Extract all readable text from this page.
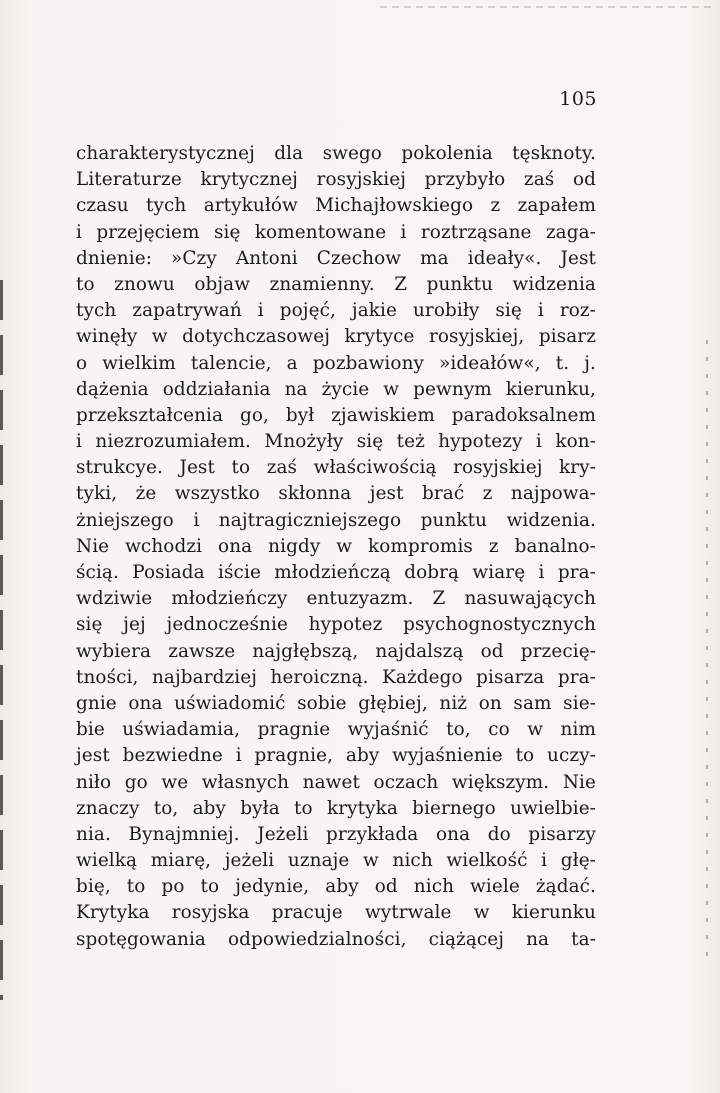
105
charakterystycznej dla swego pokolenia tęsknoty.
Literaturze krytycznej rosyjskiej przybyło zaś od
czasu tych artykułów Michajłowskiego z zapałem
i przejęciem się komentowane i roztrząsane zaga-
dnienie: »Czy Antoni Czechow ma ideały«. Jest
to znowu objaw znamienny. Z punktu widzenia
tych zapatrywań i pojęć, jakie urobiły się i roz-
winęły w dotychczasowej krytyce rosyjskiej, pisarz
o wielkim talencie, a pozbawiony »ideałów«, t. j.
dążenia oddziałania na życie w pewnym kierunku,
przekształcenia go, był zjawiskiem paradoksalnem
i niezrozumiałem. Mnożyły się też hypotezy i kon-
strukcye. Jest to zaś właściwością rosyjskiej kry-
tyki, że wszystko skłonna jest brać z najpowa-
żniejszego i najtragiczniejszego punktu widzenia.
Nie wchodzi ona nigdy w kompromis z banalno-
ścią. Posiada iście młodzieńczą dobrą wiarę i pra-
wdziwie młodzieńczy entuzyazm. Z nasuwających
się jej jednocześnie hypotez psychognostycznych
wybiera zawsze najgłębszą, najdalszą od przecię-
tności, najbardziej heroiczną. Każdego pisarza pra-
gnie ona uświadomić sobie głębiej, niż on sam sie-
bie uświadamia, pragnie wyjaśnić to, co w nim
jest bezwiedne i pragnie, aby wyjaśnienie to uczy-
niło go we własnych nawet oczach większym. Nie
znaczy to, aby była to krytyka biernego uwielbie-
nia. Bynajmniej. Jeżeli przykłada ona do pisarzy
wielką miarę, jeżeli uznaje w nich wielkość i głę-
bię, to po to jedynie, aby od nich wiele żądać.
Krytyka rosyjska pracuje wytrwale w kierunku
spotęgowania odpowiedzialności, ciążącej na ta-
